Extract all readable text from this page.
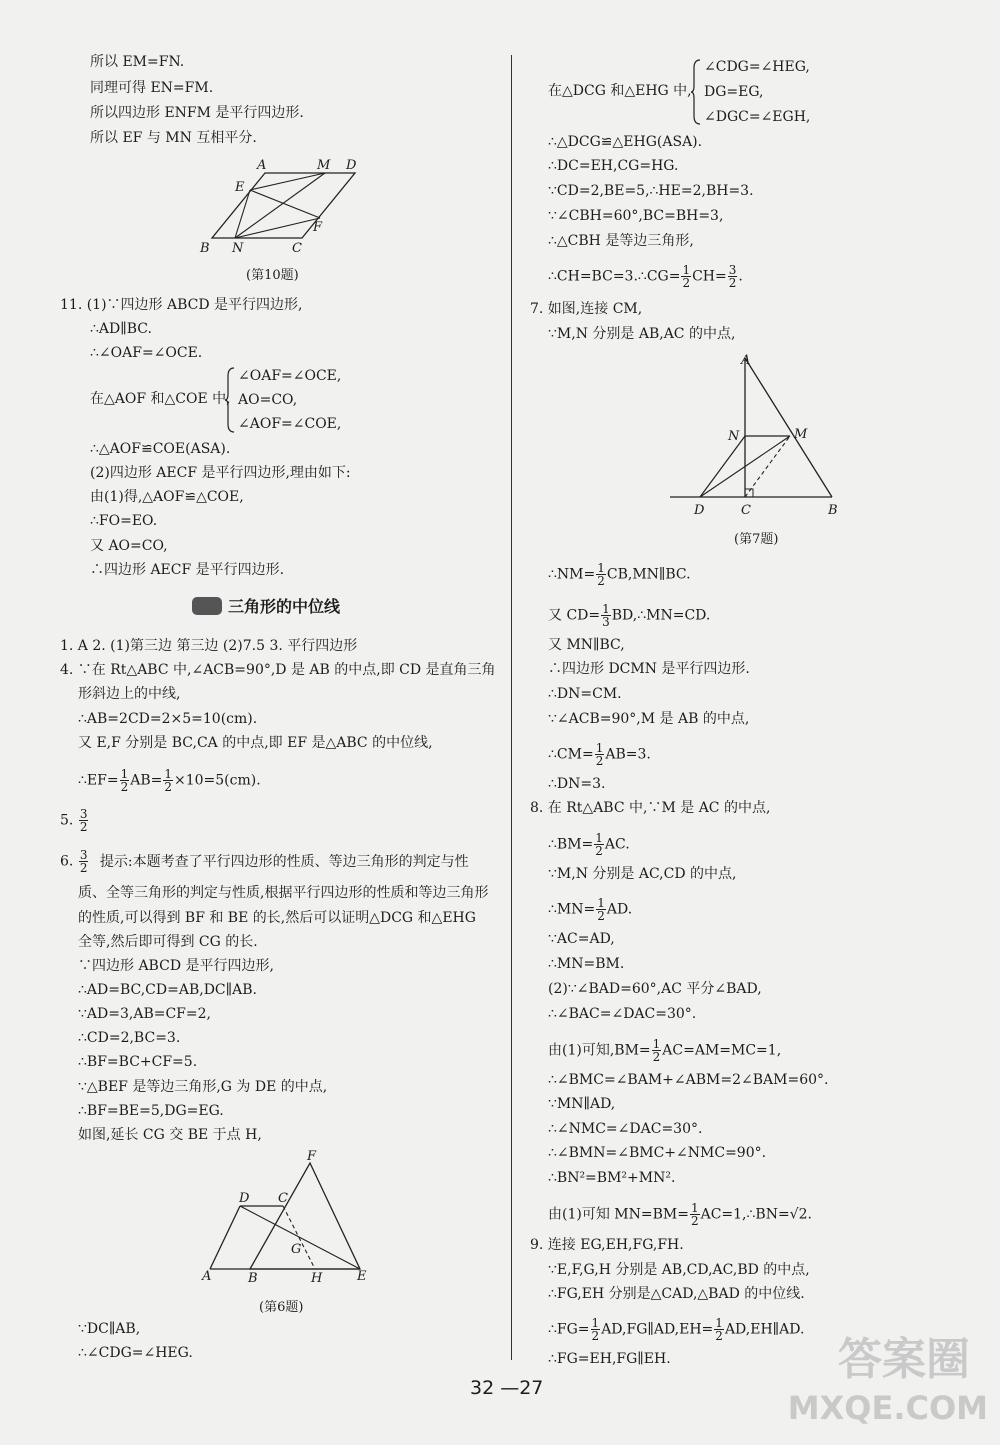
所以 EM=FN.
同理可得 EN=FM.
所以四边形 ENFM 是平行四边形.
所以 EF 与 MN 互相平分.
A	M D
E
F
B N	C
(第10题)
11. (1)∵四边形 ABCD 是平行四边形,
∴AD∥BC.
∴∠OAF=∠OCE.
在△AOF 和△COE 中,
∠OAF=∠OCE,
AO=CO,
∠AOF=∠COE,
∴△AOF≌COE(ASA).
(2)四边形 AECF 是平行四边形,理由如下:
由(1)得,△AOF≌△COE,
∴FO=EO.
又 AO=CO,
∴四边形 AECF 是平行四边形.
三角形的中位线
1. A 2. (1)第三边 第三边 (2)7.5 3. 平行四边形
4. ∵在 Rt△ABC 中,∠ACB=90°,D 是 AB 的中点,即 CD 是直角三角
形斜边上的中线,
∴AB=2CD=2×5=10(cm).
又 E,F 分别是 BC,CA 的中点,即 EF 是△ABC 的中位线,
∴EF= $\frac{1}{2} AB= \frac{1}{2} \times 10=5(cm)$.
5. $\frac{3}{2}$
6. $\frac{3}{2}$ 提示:本题考查了平行四边形的性质、等边三角形的判定与性
质、全等三角形的判定与性质,根据平行四边形的性质和等边三角形
的性质,可以得到 BF 和 BE 的长,然后可以证明△DCG 和△EHG
全等,然后即可得到 CG 的长.
∵四边形 ABCD 是平行四边形,
∴AD=BC,CD=AB,DC∥AB.
∵AD=3,AB=CF=2,
∴CD=2,BC=3.
∴BF=BC+CF=5.
∵△BEF 是等边三角形,G 为 DE 的中点,
∴BF=BE=5,DG=EG.
如图,延长 CG 交 BE 于点 H,
F
D C
G
A	B	H	E
(第6题)
∵DC∥AB,
∴∠CDG=∠HEG.
在△DCG 和△EHG 中,
∠CDG=∠HEG,
DG=EG,
∠DGC=∠EGH,
∴△DCG≌△EHG(ASA).
∴DC=EH,CG=HG.
∵CD=2,BE=5,∴HE=2,BH=3.
∵∠CBH=60°,BC=BH=3,
∴△CBH 是等边三角形,
∴CH=BC=3.∴CG= $\frac{1}{2} CH= \frac{3}{2}$ .
7. 如图,连接 CM,
∵M,N 分别是 AB,AC 的中点,
A
N	M
D	C	B
(第7题)
∴NM= $\frac{1}{2}$ CB,MN∥BC.
又 $CD= \frac{1}{3}$ BD,∴MN=CD.
又 MN∥BC,
∴四边形 DCMN 是平行四边形.
∴DN=CM.
∵∠ACB=90°,M 是 AB 的中点,
∴CM= $\frac{1}{2} AB=3$.
∴DN=3.
8. 在 Rt△ABC 中,∵M 是 AC 的中点,
∴BM= $\frac{1}{2}$ AC.
∵M,N 分别是 AC,CD 的中点,
∴MN= $\frac{1}{2}$ AD.
∵AC=AD,
∴MN=BM.
(2)∵∠BAD=60°,AC 平分∠BAD,
∴∠BAC=∠DAC=30°.
由(1)可知$,BM= \frac{1}{2} AC=AM=MC=1$,
∴∠BMC=∠BAM+∠ABM=2∠BAM=60°.
∵MN∥AD,
∴∠NMC=∠DAC=30°.
∴∠BMN=∠BMC+∠NMC=90°.
∴BN²=BM²+MN².
由(1)可知 $MN=BM= \frac{1}{2}$ AC=1,∴BN=√2.
9. 连接 EG,EH,FG,FH.
∵E,F,G,H 分别是 AB,CD,AC,BD 的中点,
∴FG,EH 分别是△CAD,△BAD 的中位线.
∴FG= $\frac{1}{2}$ AD,FG∥AD,EH= $\frac{1}{2}$ AD,EH∥AD.
∴FG=EH,FG∥EH.
32 —27
答案圈
MXQE.COM
